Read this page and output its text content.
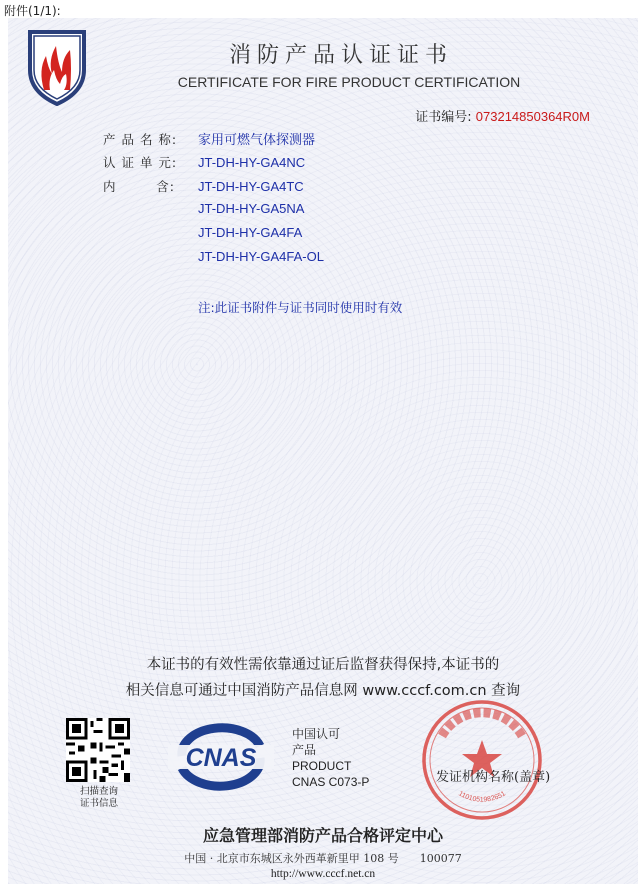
附件(1/1):
消防产品认证证书
CERTIFICATE FOR FIRE PRODUCT CERTIFICATION
证书编号: 073214850364R0M
产 品 名 称: 家用可燃气体探测器
认 证 单 元: JT-DH-HY-GA4NC
内        含: JT-DH-HY-GA4TC
JT-DH-HY-GA5NA
JT-DH-HY-GA4FA
JT-DH-HY-GA4FA-OL
注:此证书附件与证书同时使用时有效
本证书的有效性需依靠通过证后监督获得保持,本证书的
相关信息可通过中国消防产品信息网 www.cccf.com.cn 查询
扫描查询
证书信息
CNAS
中国认可
产品
PRODUCT
CNAS C073-P
1101051982651
发证机构名称(盖章)
应急管理部消防产品合格评定中心
中国 · 北京市东城区永外西革新里甲 108 号      100077
http://www.cccf.net.cn
